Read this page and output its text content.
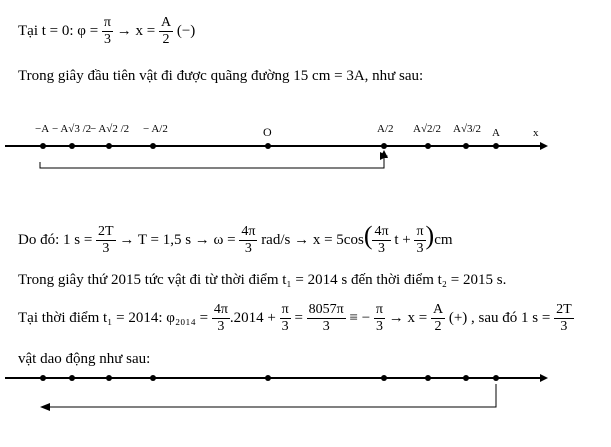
Tại t = 0: $\varphi = \frac{\pi}{3} \to x = \frac{A}{2}$ (−)
Trong giây đầu tiên vật đi được quãng đường 15 cm = 3A, như sau:
−A − A√3 /2
− A√2 /2 − A/2	O	A/2 A√2/2 A√3/2 A	x
Do đó: 1 $s = \frac{2T}{3} \to T = 1,5$ $s \to \omega = \frac{4\pi}{3} rad/s \to x = 5\cos( \frac{4\pi}{3}$ $t + \frac{\pi}{3} )cm$
Trong giây thứ 2015 tức vật đi từ thời điểm t₁ = 2014 s đến thời điểm t₂ = 2015 s.
Tại thời điểm t₁ = 2014: $\varphi_{2014} = \frac{4\pi}{3} .2014 + \frac{\pi}{3} = \frac{8057\pi}{3}$ ≡ − $\frac{\pi}{3} \to x = \frac{A}{2}$ (+) , sau đó 1 $s = \frac{2T}{3}$
vật dao động như sau:
